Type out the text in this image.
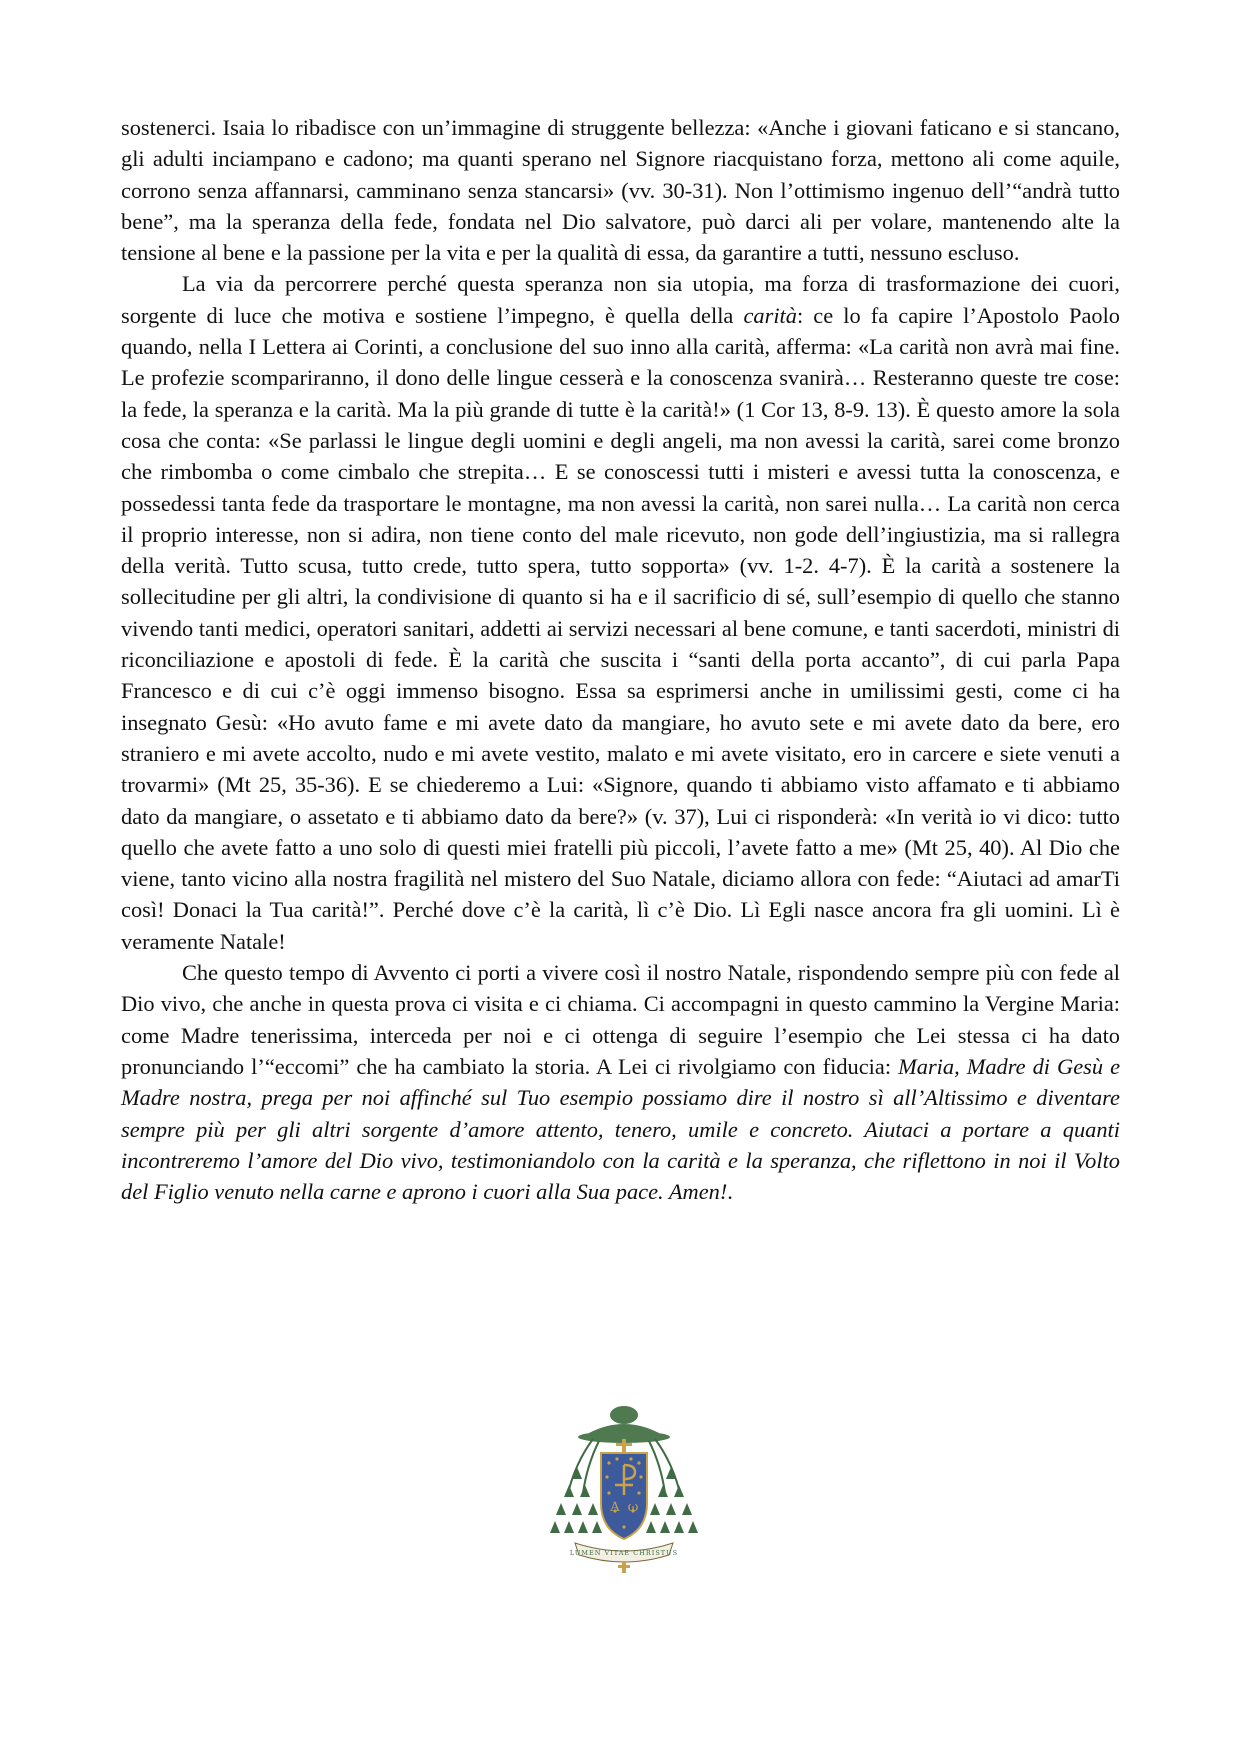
sostenerci. Isaia lo ribadisce con un’immagine di struggente bellezza: «Anche i giovani faticano e si stancano, gli adulti inciampano e cadono; ma quanti sperano nel Signore riacquistano forza, mettono ali come aquile, corrono senza affannarsi, camminano senza stancarsi» (vv. 30-31). Non l’ottimismo ingenuo dell’“andrà tutto bene”, ma la speranza della fede, fondata nel Dio salvatore, può darci ali per volare, mantenendo alte la tensione al bene e la passione per la vita e per la qualità di essa, da garantire a tutti, nessuno escluso.

La via da percorrere perché questa speranza non sia utopia, ma forza di trasformazione dei cuori, sorgente di luce che motiva e sostiene l’impegno, è quella della carità: ce lo fa capire l’Apostolo Paolo quando, nella I Lettera ai Corinti, a conclusione del suo inno alla carità, afferma: «La carità non avrà mai fine. Le profezie scompariranno, il dono delle lingue cesserà e la conoscenza svanirà… Resteranno queste tre cose: la fede, la speranza e la carità. Ma la più grande di tutte è la carità!» (1 Cor 13, 8-9. 13). È questo amore la sola cosa che conta: «Se parlassi le lingue degli uomini e degli angeli, ma non avessi la carità, sarei come bronzo che rimbomba o come cimbalo che strepita… E se conoscessi tutti i misteri e avessi tutta la conoscenza, e possedessi tanta fede da trasportare le montagne, ma non avessi la carità, non sarei nulla… La carità non cerca il proprio interesse, non si adira, non tiene conto del male ricevuto, non gode dell’ingiustizia, ma si rallegra della verità. Tutto scusa, tutto crede, tutto spera, tutto sopporta» (vv. 1-2. 4-7). È la carità a sostenere la sollecitudine per gli altri, la condivisione di quanto si ha e il sacrificio di sé, sull’esempio di quello che stanno vivendo tanti medici, operatori sanitari, addetti ai servizi necessari al bene comune, e tanti sacerdoti, ministri di riconciliazione e apostoli di fede. È la carità che suscita i “santi della porta accanto”, di cui parla Papa Francesco e di cui c’è oggi immenso bisogno. Essa sa esprimersi anche in umilissimi gesti, come ci ha insegnato Gesù: «Ho avuto fame e mi avete dato da mangiare, ho avuto sete e mi avete dato da bere, ero straniero e mi avete accolto, nudo e mi avete vestito, malato e mi avete visitato, ero in carcere e siete venuti a trovarmi» (Mt 25, 35-36). E se chiederemo a Lui: «Signore, quando ti abbiamo visto affamato e ti abbiamo dato da mangiare, o assetato e ti abbiamo dato da bere?» (v. 37), Lui ci risponderà: «In verità io vi dico: tutto quello che avete fatto a uno solo di questi miei fratelli più piccoli, l’avete fatto a me» (Mt 25, 40). Al Dio che viene, tanto vicino alla nostra fragilità nel mistero del Suo Natale, diciamo allora con fede: “Aiutaci ad amarTi così! Donaci la Tua carità!”. Perché dove c’è la carità, lì c’è Dio. Lì Egli nasce ancora fra gli uomini. Lì è veramente Natale!

Che questo tempo di Avvento ci porti a vivere così il nostro Natale, rispondendo sempre più con fede al Dio vivo, che anche in questa prova ci visita e ci chiama. Ci accompagni in questo cammino la Vergine Maria: come Madre tenerissima, interceda per noi e ci ottenga di seguire l’esempio che Lei stessa ci ha dato pronunciando l’“eccomi” che ha cambiato la storia. A Lei ci rivolgiamo con fiducia: Maria, Madre di Gesù e Madre nostra, prega per noi affinché sul Tuo esempio possiamo dire il nostro sì all’Altissimo e diventare sempre più per gli altri sorgente d’amore attento, tenero, umile e concreto. Aiutaci a portare a quanti incontreremo l’amore del Dio vivo, testimoniandolo con la carità e la speranza, che riflettono in noi il Volto del Figlio venuto nella carne e aprono i cuori alla Sua pace. Amen!.

A ω
LUMEN VITAE CHRISTUS
